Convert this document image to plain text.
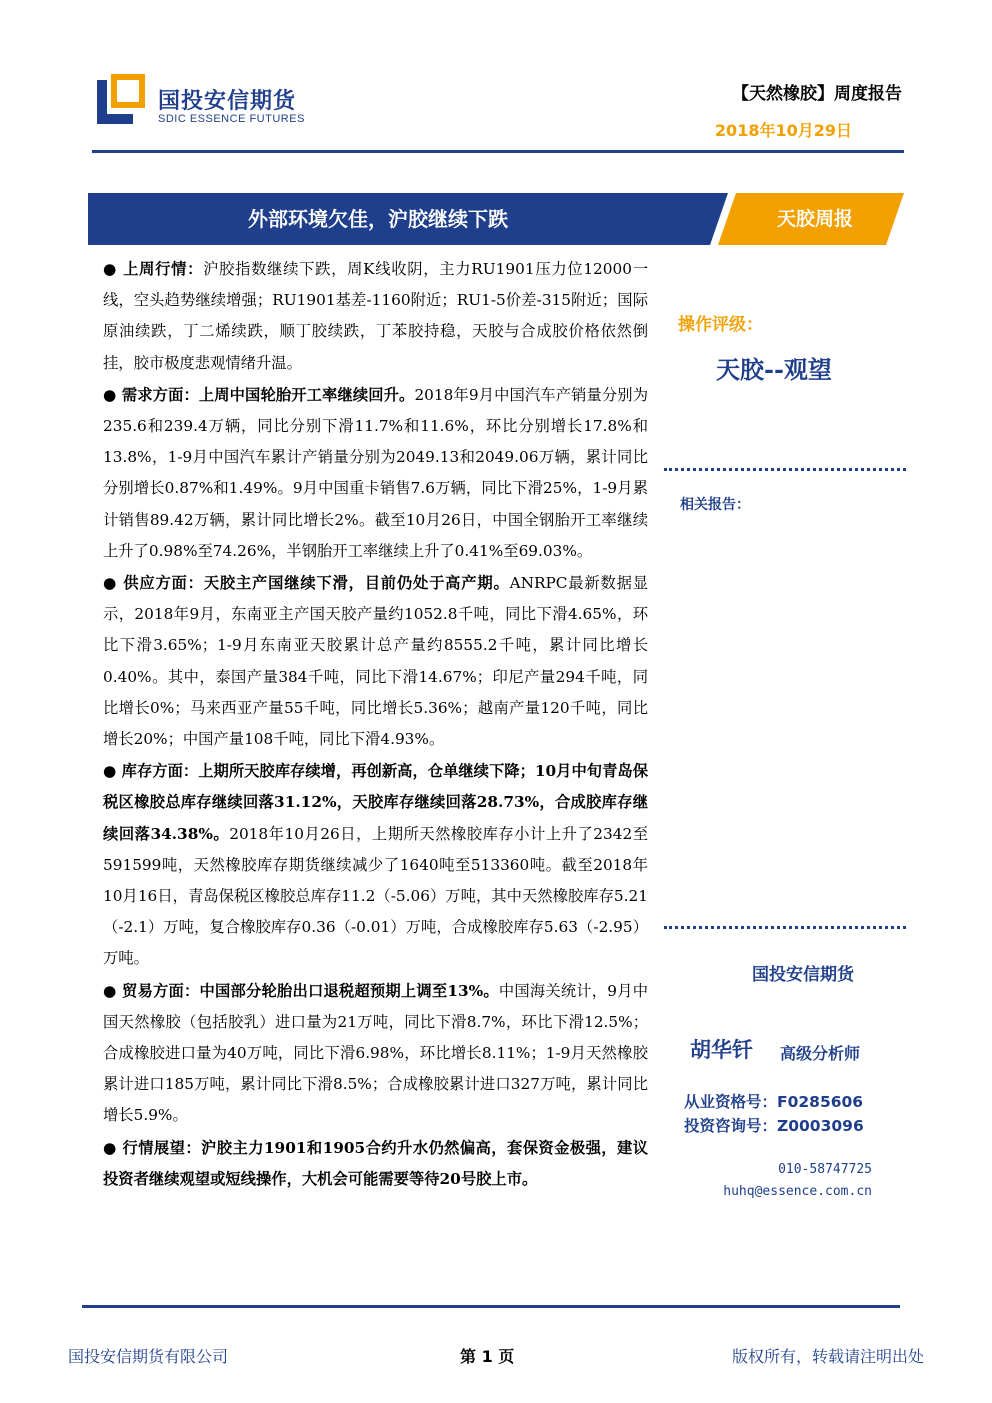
国投安信期货
SDIC ESSENCE FUTURES
【天然橡胶】周度报告
2018年10月29日
外部环境欠佳，沪胶继续下跌	天胶周报

● 上周行情：沪胶指数继续下跌，周K线收阴，主力RU1901压力位12000一线，空头趋势继续增强；RU1901基差-1160附近；RU1-5价差-315附近；国际原油续跌，丁二烯续跌，顺丁胶续跌，丁苯胶持稳，天胶与合成胶价格依然倒挂，胶市极度悲观情绪升温。

● 需求方面：上周中国轮胎开工率继续回升。2018年9月中国汽车产销量分别为235.6和239.4万辆，同比分别下滑11.7%和11.6%，环比分别增长17.8%和13.8%，1-9月中国汽车累计产销量分别为2049.13和2049.06万辆，累计同比分别增长0.87%和1.49%。9月中国重卡销售7.6万辆，同比下滑25%，1-9月累计销售89.42万辆，累计同比增长2%。截至10月26日，中国全钢胎开工率继续上升了0.98%至74.26%，半钢胎开工率继续上升了0.41%至69.03%。

● 供应方面：天胶主产国继续下滑，目前仍处于高产期。ANRPC最新数据显示，2018年9月，东南亚主产国天胶产量约1052.8千吨，同比下滑4.65%，环比下滑3.65%；1-9月东南亚天胶累计总产量约8555.2千吨，累计同比增长0.40%。其中，泰国产量384千吨，同比下滑14.67%；印尼产量294千吨，同比增长0%；马来西亚产量55千吨，同比增长5.36%；越南产量120千吨，同比增长20%；中国产量108千吨，同比下滑4.93%。

● 库存方面：上期所天胶库存续增，再创新高，仓单继续下降；10月中旬青岛保税区橡胶总库存继续回落31.12%，天胶库存继续回落28.73%，合成胶库存继续回落34.38%。2018年10月26日，上期所天然橡胶库存小计上升了2342至591599吨，天然橡胶库存期货继续减少了1640吨至513360吨。截至2018年10月16日，青岛保税区橡胶总库存11.2（-5.06）万吨，其中天然橡胶库存5.21（-2.1）万吨，复合橡胶库存0.36（-0.01）万吨，合成橡胶库存5.63（-2.95）万吨。

● 贸易方面：中国部分轮胎出口退税超预期上调至13%。中国海关统计，9月中国天然橡胶（包括胶乳）进口量为21万吨，同比下滑8.7%，环比下滑12.5%；合成橡胶进口量为40万吨，同比下滑6.98%，环比增长8.11%；1-9月天然橡胶累计进口185万吨，累计同比下滑8.5%；合成橡胶累计进口327万吨，累计同比增长5.9%。

● 行情展望：沪胶主力1901和1905合约升水仍然偏高，套保资金极强，建议投资者继续观望或短线操作，大机会可能需要等待20号胶上市。

操作评级：
天胶--观望
相关报告：
国投安信期货
胡华钎 高级分析师
从业资格号：F0285606
投资咨询号：Z0003096
010-58747725
huhq@essence.com.cn
国投安信期货有限公司	第 1 页	版权所有，转载请注明出处
